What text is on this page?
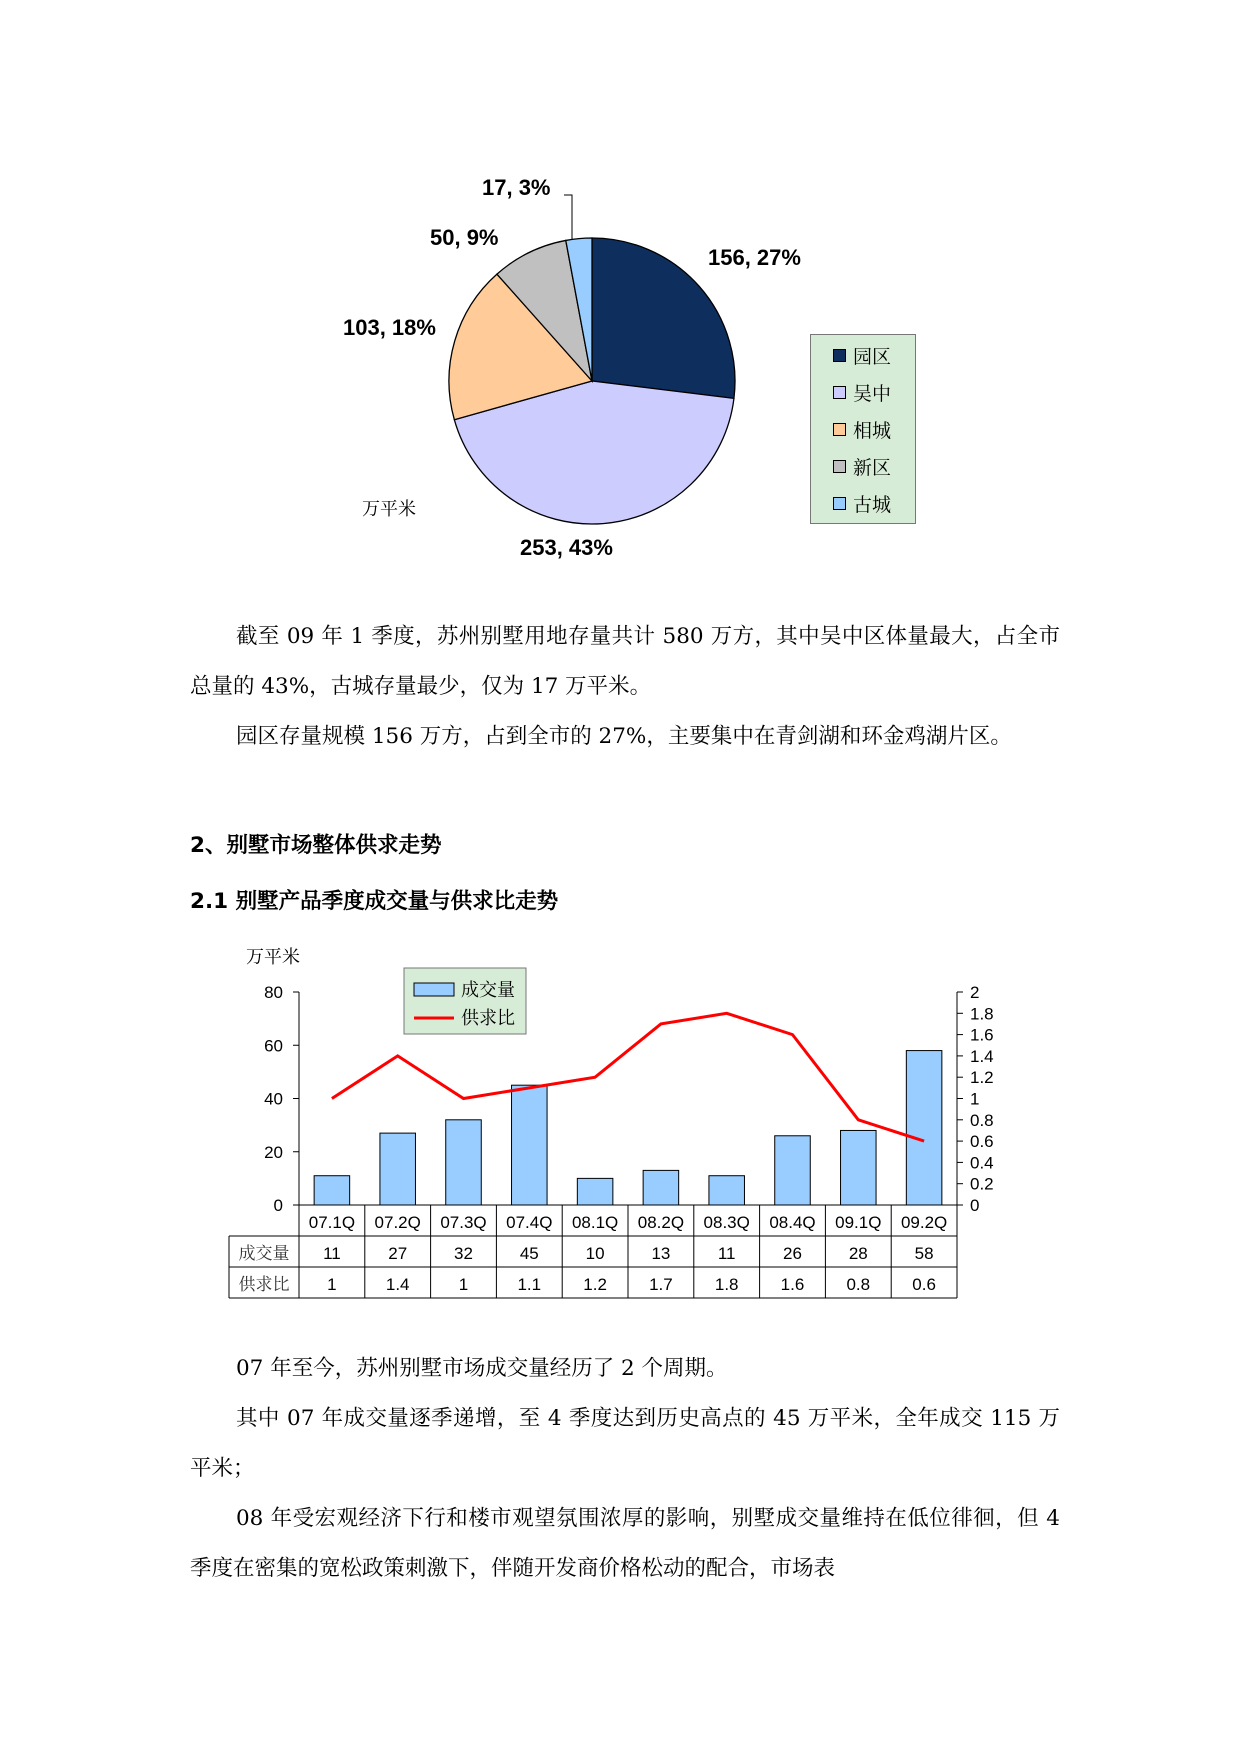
156, 27%
253, 43%
103, 18%
50, 9%
17, 3%
万平米
园区
吴中
相城
新区
古城

截至 09 年 1 季度，苏州别墅用地存量共计 580 万方，其中吴中区体量最大，占全市总量的 43%，古城存量最少，仅为 17 万平米。

园区存量规模 156 万方，占到全市的 27%，主要集中在青剑湖和环金鸡湖片区。

2、别墅市场整体供求走势
2.1 别墅产品季度成交量与供求比走势
万平米
0
20
40
60
80
0
0.2
0.4
0.6
0.8
1
1.2
1.4
1.6
1.8
2
07.1Q 07.2Q 07.3Q 07.4Q 08.1Q 08.2Q 08.3Q 08.4Q 09.1Q 09.2Q
成交量 11	27	32	45	10	13	11	26	28	58
供求比 1	1.4	1	1.1 1.2 1.7 1.8 1.6 0.8 0.6
成交量
供求比

07 年至今，苏州别墅市场成交量经历了 2 个周期。

其中 07 年成交量逐季递增，至 4 季度达到历史高点的 45 万平米，全年成交 115 万平米；

08 年受宏观经济下行和楼市观望氛围浓厚的影响，别墅成交量维持在低位徘徊，但 4 季度在密集的宽松政策刺激下，伴随开发商价格松动的配合，市场表
